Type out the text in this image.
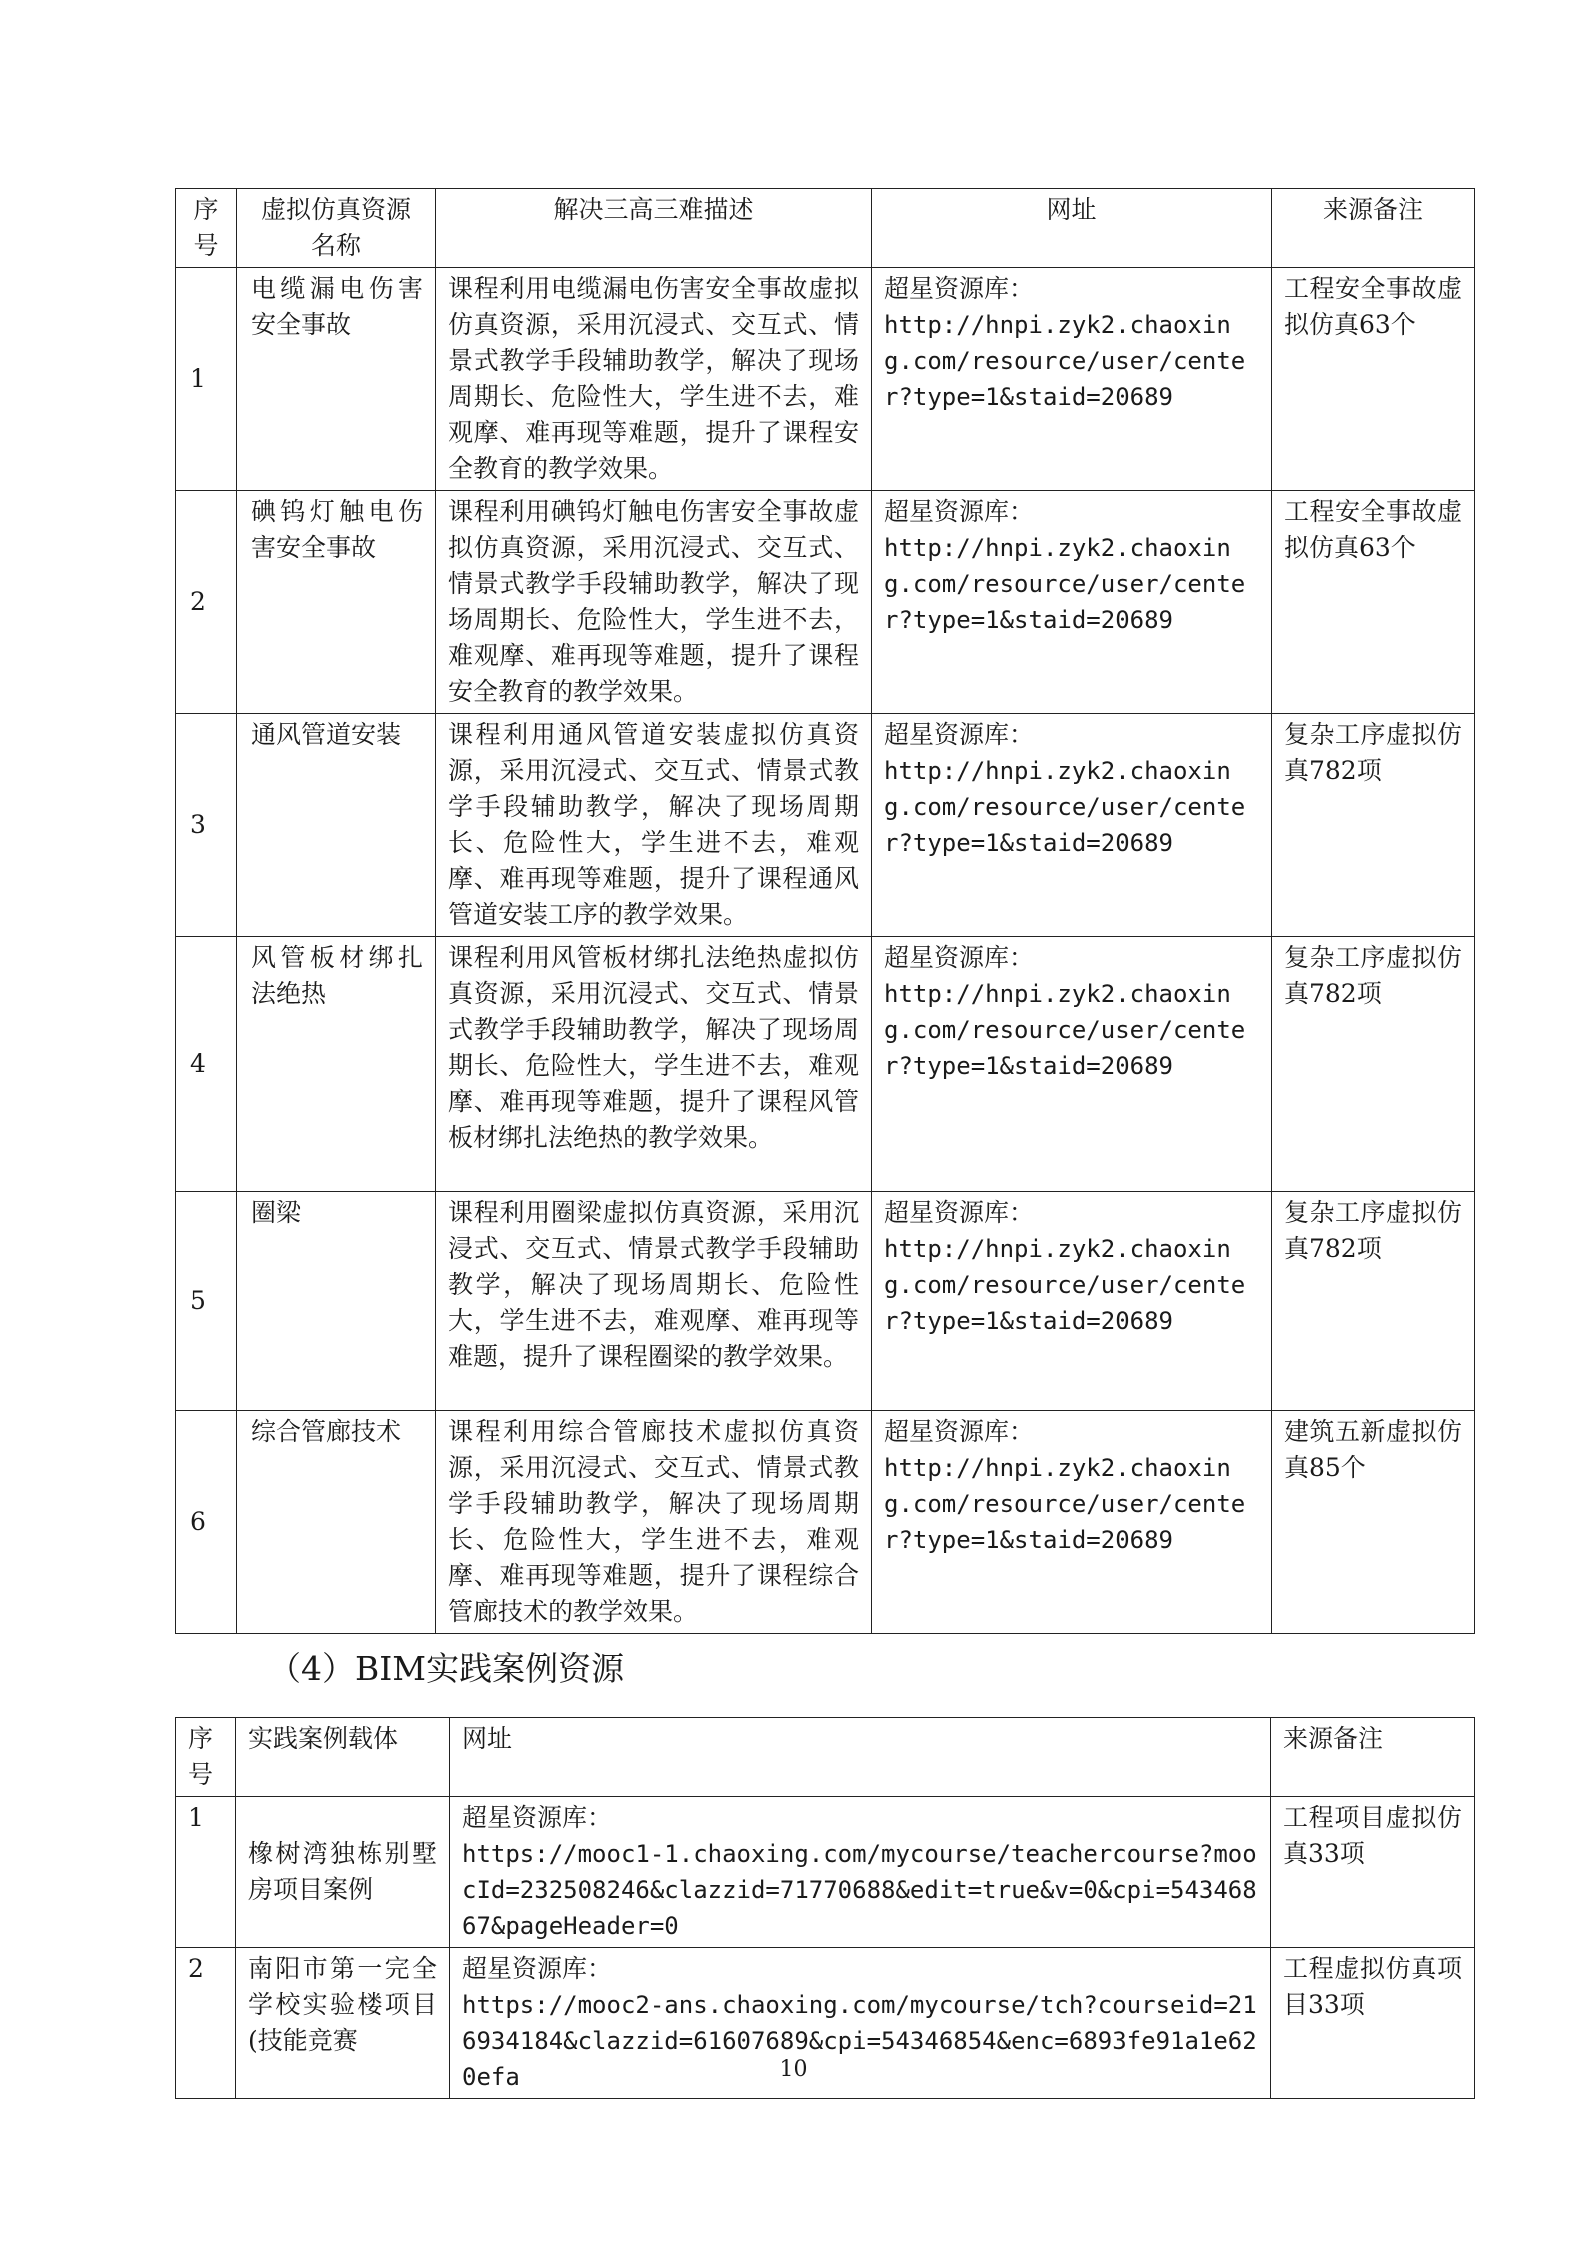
序号	虚拟仿真资源名称	解决三高三难描述	网址	来源备注
1	电缆漏电伤害安全事故	课程利用电缆漏电伤害安全事故虚拟仿真资源，采用沉浸式、交互式、情景式教学手段辅助教学，解决了现场周期长、危险性大，学生进不去，难观摩、难再现等难题，提升了课程安全教育的教学效果。	超星资源库：
http://hnpi.zyk2.chaoxing.com/resource/user/center?type=1&staid=20689	工程安全事故虚拟仿真63个
2	碘钨灯触电伤害安全事故	课程利用碘钨灯触电伤害安全事故虚拟仿真资源，采用沉浸式、交互式、情景式教学手段辅助教学，解决了现场周期长、危险性大，学生进不去，难观摩、难再现等难题，提升了课程安全教育的教学效果。	超星资源库：
http://hnpi.zyk2.chaoxing.com/resource/user/center?type=1&staid=20689	工程安全事故虚拟仿真63个
3	通风管道安装	课程利用通风管道安装虚拟仿真资源，采用沉浸式、交互式、情景式教学手段辅助教学，解决了现场周期长、危险性大，学生进不去，难观摩、难再现等难题，提升了课程通风管道安装工序的教学效果。	超星资源库：
http://hnpi.zyk2.chaoxing.com/resource/user/center?type=1&staid=20689	复杂工序虚拟仿真782项
4	风管板材绑扎法绝热	课程利用风管板材绑扎法绝热虚拟仿真资源，采用沉浸式、交互式、情景式教学手段辅助教学，解决了现场周期长、危险性大，学生进不去，难观摩、难再现等难题，提升了课程风管板材绑扎法绝热的教学效果。	超星资源库：
http://hnpi.zyk2.chaoxing.com/resource/user/center?type=1&staid=20689	复杂工序虚拟仿真782项
5	圈梁	课程利用圈梁虚拟仿真资源，采用沉浸式、交互式、情景式教学手段辅助教学，解决了现场周期长、危险性大，学生进不去，难观摩、难再现等难题，提升了课程圈梁的教学效果。	超星资源库：
http://hnpi.zyk2.chaoxing.com/resource/user/center?type=1&staid=20689	复杂工序虚拟仿真782项
6	综合管廊技术	课程利用综合管廊技术虚拟仿真资源，采用沉浸式、交互式、情景式教学手段辅助教学，解决了现场周期长、危险性大，学生进不去，难观摩、难再现等难题，提升了课程综合管廊技术的教学效果。	超星资源库：
http://hnpi.zyk2.chaoxing.com/resource/user/center?type=1&staid=20689	建筑五新虚拟仿真85个
（4）BIM实践案例资源
序号	实践案例载体	网址	来源备注
1	橡树湾独栋别墅房项目案例	超星资源库：
https://mooc1-1.chaoxing.com/mycourse/teachercourse?moocId=232508246&clazzid=71770688&edit=true&v=0&cpi=54346867&pageHeader=0	工程项目虚拟仿真33项
2	南阳市第一完全学校实验楼项目(技能竞赛	超星资源库：
https://mooc2-ans.chaoxing.com/mycourse/tch?courseid=216934184&clazzid=61607689&cpi=54346854&enc=6893fe91a1e620efa	工程虚拟仿真项目33项
10
